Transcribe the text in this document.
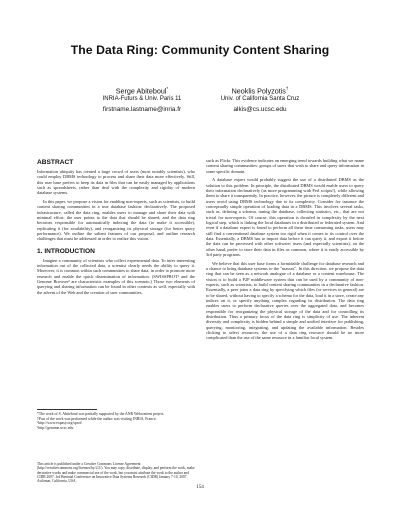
The Data Ring: Community Content Sharing
Serge Abiteboul*
INRIA-Futurs & Univ. Paris 11
firstname.lastname@inria.fr
Neoklis Polyzotis†
Univ. of California Santa Cruz
alkis@cs.ucsc.edu
ABSTRACT

Information ubiquity has created a large crowd of users (most notably scientists), who could employ DBMS technology to process and share their data more effectively. Still, this user base prefers to keep its data in files that can be easily managed by applications such as spreadsheets, rather than deal with the complexity and rigidity of modern database systems.

In this paper, we propose a vision for enabling non-experts, such as scientists, to build content sharing communities in a true database fashion: declaratively. The proposed infrastructure, called the data ring, enables users to manage and share their data with minimal effort; the user points to the data that should be shared, and the data ring becomes responsible for automatically indexing the data (to make it accessible), replicating it (for availability), and reorganizing its physical storage (for better query performance). We outline the salient features of our proposal, and outline research challenges that must be addressed in order to realize this vision.

1. INTRODUCTION

Imagine a community of scientists who collect experimental data. To infer interesting information out of the collected data, a scientist clearly needs the ability to query it. Moreover, it is common within such communities to share data, in order to promote more research and enable the quick dissemination of information. (SWISSPROT¹ and the Genome Browser² are characteristic examples of this scenario.) Those two elements of querying and sharing information can be found in other contexts as well, especially with the advent of the Web and the creation of user communities,

*The work of S. Abiteboul was partially supported by the ANR Webcontent project.
†Part of the work was performed while the author was visiting INRIA, France.
¹http://www.expasy.org/sprot/
²http://genome.ucsc.edu
This article is published under a Creative Commons License Agreement (http://creativecommons.org/licenses/by/2.5/). You may copy, distribute, display, and perform the work, make derivative works and make commercial use of the work, but you must attribute the work to the author and CIDR 2007. 3rd Biennial Conference on Innovative Data Systems Research (CIDR) January 7-10, 2007, Asilomar, California, USA.

such as Flickr. This evidence indicates an emerging trend towards building what we name content sharing communities: groups of users that wish to share and query information in some specific domain.

A database expert would probably suggest the use of a distributed DBMS as the solution to this problem. In principle, the distributed DBMS would enable users to query their information declaratively (as more programming with Perl scripts!), while allowing them to share it transparently. In practice, however, the picture is completely different and users avoid using DBMS technology due to its complexity. Consider for instance the conceptually simple operation of loading data in a DBMS. This involves several tasks, such as, defining a schema, tuning the database, collecting statistics, etc., that are not trivial for non-experts. Of course, this operation is dwarfed in complexity by the next logical step, which is linking the local databases in a distributed or federated system. And even if a database expert is found to perform all these time consuming tasks, users may still find a conventional database system too rigid when it comes to its control over the data. Essentially, a DBMS has to import data before it can query it, and export it before the data can be processed with other software; users (and especially scientists), on the other hand, prefer to store their data in files as common, where it is easily accessible by 3rd party programs.

We believe that this user base forms a formidable challenge for database research and a chance to bring database systems to the "masses". In this direction, we propose the data ring that can be seen as a network analogue of a database or a content warehouse. The vision is to build a P2P middleware system that can be used by a community of non-experts, such as scientists, to build content sharing communities in a declarative fashion. Essentially, a peer joins a data ring by specifying which files (or services in general) are to be shared, without having to specify a schema for the data, load it in a store, create any indices on it, or specify anything complex regarding its distribution. The data ring enables users to perform declarative queries over the aggregated data, and becomes responsible for reorganizing the physical storage of the data and for controlling its distribution. Thus a primary focus of the data ring is simplicity of use. The inherent diversity and complexity is hidden behind a simple and unified interface for publishing, querying, monitoring, integrating, and updating the available information. Besides clicking to select resources, the use of a data ring resource should be no more complicated than the use of the same resource in a familiar local system.

154
